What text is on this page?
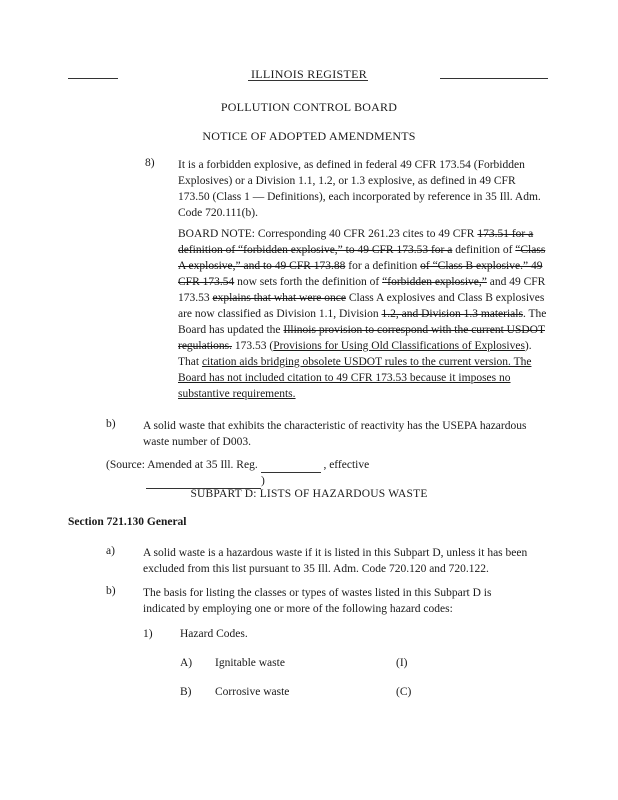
ILLINOIS REGISTER
POLLUTION CONTROL BOARD
NOTICE OF ADOPTED AMENDMENTS
8) It is a forbidden explosive, as defined in federal 49 CFR 173.54 (Forbidden Explosives) or a Division 1.1, 1.2, or 1.3 explosive, as defined in 49 CFR 173.50 (Class 1 — Definitions), each incorporated by reference in 35 Ill. Adm. Code 720.111(b).
BOARD NOTE: Corresponding 40 CFR 261.23 cites to 49 CFR 173.51 for a definition of “forbidden explosive,” to 49 CFR 173.53 for a definition of “Class A explosive,” and to 49 CFR 173.88 for a definition of “Class B explosive.” 49 CFR 173.54 now sets forth the definition of “forbidden explosive,” and 49 CFR 173.53 explains that what were once Class A explosives and Class B explosives are now classified as Division 1.1, Division 1.2, and Division 1.3 materials. The Board has updated the Illinois provision to correspond with the current USDOT regulations. 173.53 (Provisions for Using Old Classifications of Explosives). That citation aids bridging obsolete USDOT rules to the current version. The Board has not included citation to 49 CFR 173.53 because it imposes no substantive requirements.
b) A solid waste that exhibits the characteristic of reactivity has the USEPA hazardous waste number of D003.
(Source: Amended at 35 Ill. Reg.	, effective )
SUBPART D: LISTS OF HAZARDOUS WASTE
Section 721.130 General
a) A solid waste is a hazardous waste if it is listed in this Subpart D, unless it has been excluded from this list pursuant to 35 Ill. Adm. Code 720.120 and 720.122.
b) The basis for listing the classes or types of wastes listed in this Subpart D is indicated by employing one or more of the following hazard codes:
1) Hazard Codes.
A) Ignitable waste	(I)
B) Corrosive waste	(C)
